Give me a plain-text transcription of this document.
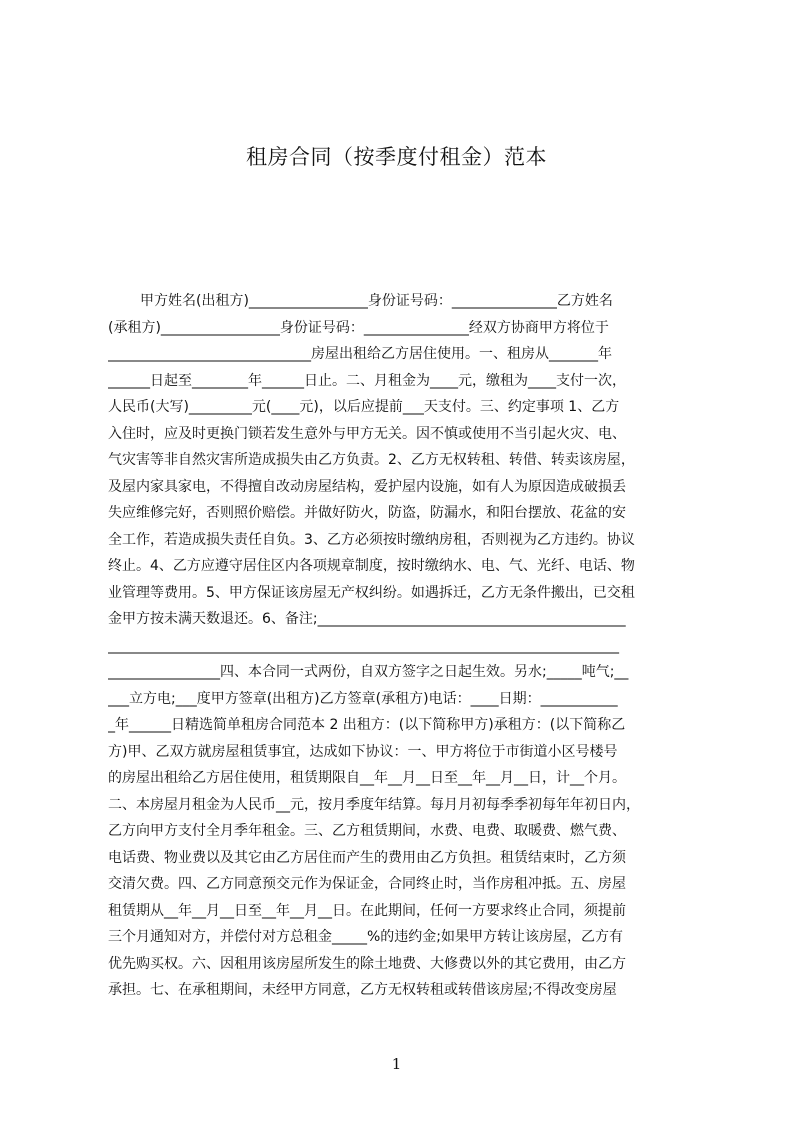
租房合同（按季度付租金）范本
甲方姓名(出租方)_________________身份证号码：_______________乙方姓名
(承租方)_________________身份证号码：_______________经双方协商甲方将位于
_____________________________房屋出租给乙方居住使用。一、租房从_______年
______日起至________年______日止。二、月租金为____元，缴租为____支付一次，
人民币(大写)_________元(____元)，以后应提前___天支付。三、约定事项 1、乙方
入住时，应及时更换门锁若发生意外与甲方无关。因不慎或使用不当引起火灾、电、
气灾害等非自然灾害所造成损失由乙方负责。2、乙方无权转租、转借、转卖该房屋，
及屋内家具家电，不得擅自改动房屋结构，爱护屋内设施，如有人为原因造成破损丢
失应维修完好，否则照价赔偿。并做好防火，防盗，防漏水，和阳台摆放、花盆的安
全工作，若造成损失责任自负。3、乙方必须按时缴纳房租，否则视为乙方违约。协议
终止。4、乙方应遵守居住区内各项规章制度，按时缴纳水、电、气、光纤、电话、物
业管理等费用。5、甲方保证该房屋无产权纠纷。如遇拆迁，乙方无条件搬出，已交租
金甲方按未满天数退还。6、备注;____________________________________________
_________________________________________________________________________
________________四、本合同一式两份，自双方签字之日起生效。另水;_____吨气;__
___立方电;___度甲方签章(出租方)乙方签章(承租方)电话：____日期：___________
_年______日精选简单租房合同范本 2 出租方：(以下简称甲方)承租方：(以下简称乙
方)甲、乙双方就房屋租赁事宜，达成如下协议：一、甲方将位于市街道小区号楼号
的房屋出租给乙方居住使用，租赁期限自__年__月__日至__年__月__日，计__个月。
二、本房屋月租金为人民币__元，按月季度年结算。每月月初每季季初每年年初日内，
乙方向甲方支付全月季年租金。三、乙方租赁期间，水费、电费、取暖费、燃气费、
电话费、物业费以及其它由乙方居住而产生的费用由乙方负担。租赁结束时，乙方须
交清欠费。四、乙方同意预交元作为保证金，合同终止时，当作房租冲抵。五、房屋
租赁期从__年__月__日至__年__月__日。在此期间，任何一方要求终止合同，须提前
三个月通知对方，并偿付对方总租金_____%的违约金;如果甲方转让该房屋，乙方有
优先购买权。六、因租用该房屋所发生的除土地费、大修费以外的其它费用，由乙方
承担。七、在承租期间，未经甲方同意，乙方无权转租或转借该房屋;不得改变房屋
1
